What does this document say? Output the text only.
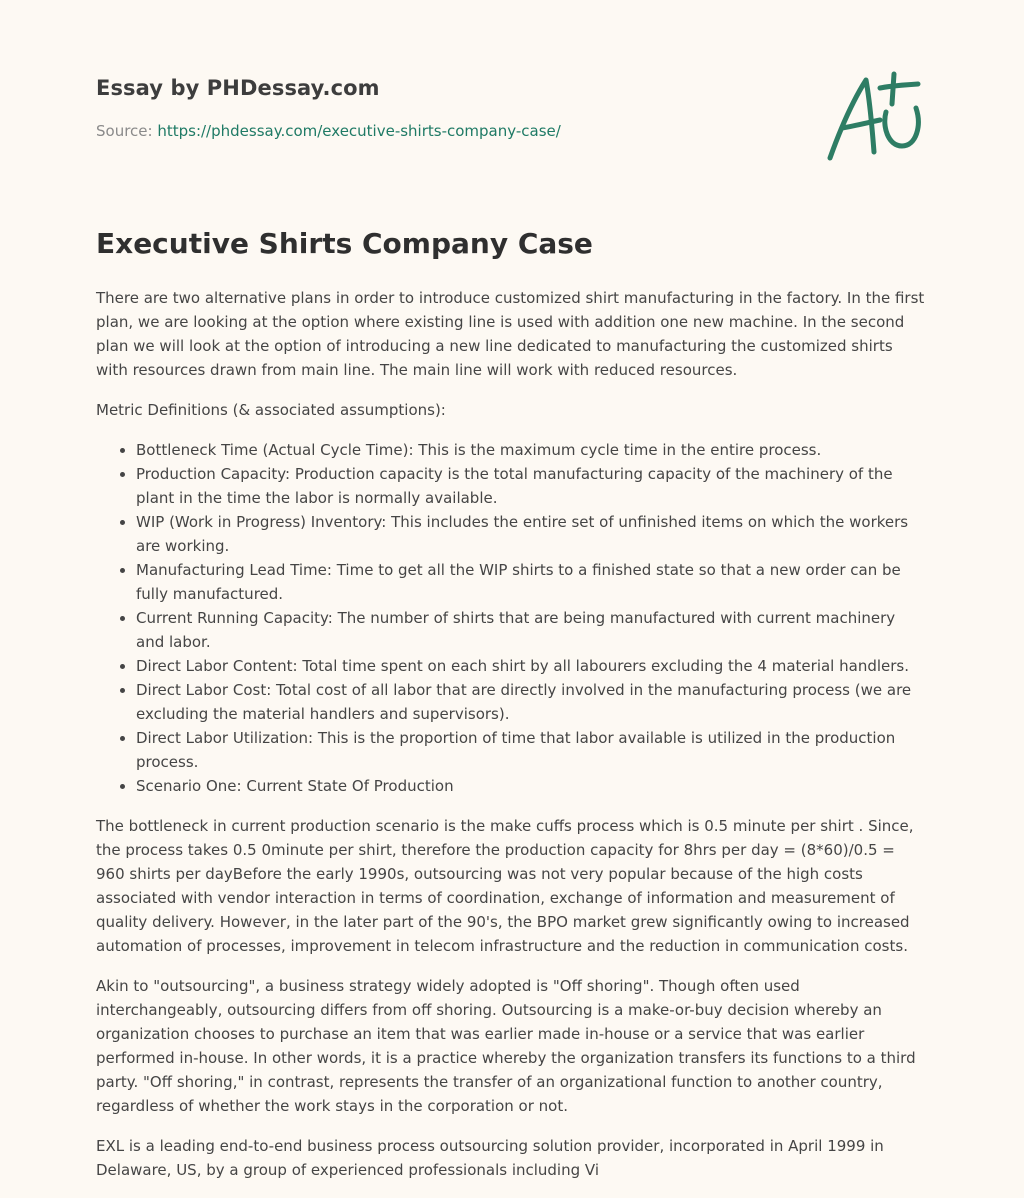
Essay by PHDessay.com
Source: https://phdessay.com/executive-shirts-company-case/
Executive Shirts Company Case

There are two alternative plans in order to introduce customized shirt manufacturing in the factory. In the first plan, we are looking at the option where existing line is used with addition one new machine. In the second plan we will look at the option of introducing a new line dedicated to manufacturing the customized shirts with resources drawn from main line. The main line will work with reduced resources.

Metric Definitions (& associated assumptions):

• Bottleneck Time (Actual Cycle Time): This is the maximum cycle time in the entire process.
• Production Capacity: Production capacity is the total manufacturing capacity of the machinery of the plant in the time the labor is normally available.
• WIP (Work in Progress) Inventory: This includes the entire set of unfinished items on which the workers are working.
• Manufacturing Lead Time: Time to get all the WIP shirts to a finished state so that a new order can be fully manufactured.
• Current Running Capacity: The number of shirts that are being manufactured with current machinery and labor.
• Direct Labor Content: Total time spent on each shirt by all labourers excluding the 4 material handlers.
• Direct Labor Cost: Total cost of all labor that are directly involved in the manufacturing process (we are excluding the material handlers and supervisors).
• Direct Labor Utilization: This is the proportion of time that labor available is utilized in the production process.
• Scenario One: Current State Of Production

The bottleneck in current production scenario is the make cuffs process which is 0.5 minute per shirt . Since, the process takes 0.5 0minute per shirt, therefore the production capacity for 8hrs per day = (8*60)/0.5 = 960 shirts per dayBefore the early 1990s, outsourcing was not very popular because of the high costs associated with vendor interaction in terms of coordination, exchange of information and measurement of quality delivery. However, in the later part of the 90's, the BPO market grew significantly owing to increased automation of processes, improvement in telecom infrastructure and the reduction in communication costs.

Akin to "outsourcing", a business strategy widely adopted is "Off shoring". Though often used interchangeably, outsourcing differs from off shoring. Outsourcing is a make-or-buy decision whereby an organization chooses to purchase an item that was earlier made in-house or a service that was earlier performed in-house. In other words, it is a practice whereby the organization transfers its functions to a third party. "Off shoring," in contrast, represents the transfer of an organizational function to another country, regardless of whether the work stays in the corporation or not.

EXL is a leading end-to-end business process outsourcing solution provider, incorporated in April 1999 in Delaware, US, by a group of experienced professionals including Vi
